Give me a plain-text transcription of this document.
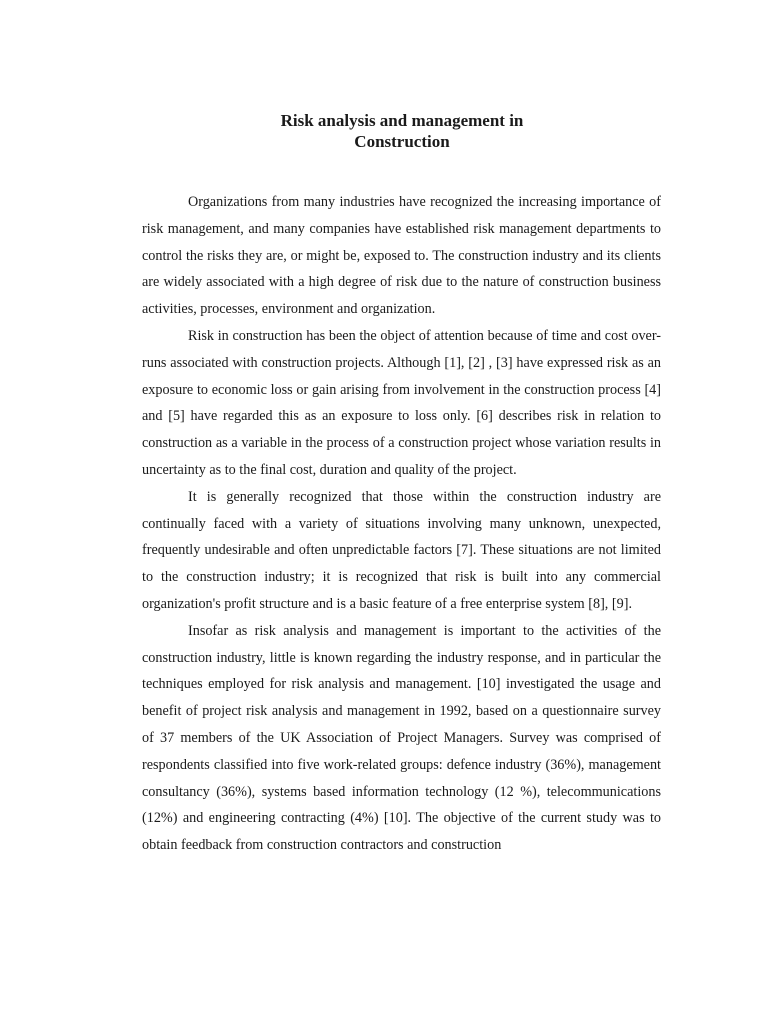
Risk analysis and management in
Construction

Organizations from many industries have recognized the increasing importance of risk management, and many companies have established risk management departments to control the risks they are, or might be, exposed to. The construction industry and its clients are widely associated with a high degree of risk due to the nature of construction business activities, processes, environment and organization.

Risk in construction has been the object of attention because of time and cost over-runs associated with construction projects. Although [1], [2] , [3] have expressed risk as an exposure to economic loss or gain arising from involvement in the construction process [4] and [5] have regarded this as an exposure to loss only. [6] describes risk in relation to construction as a variable in the process of a construction project whose variation results in uncertainty as to the final cost, duration and quality of the project.

It is generally recognized that those within the construction industry are continually faced with a variety of situations involving many unknown, unexpected, frequently undesirable and often unpredictable factors [7]. These situations are not limited to the construction industry; it is recognized that risk is built into any commercial organization's profit structure and is a basic feature of a free enterprise system [8], [9].

Insofar as risk analysis and management is important to the activities of the construction industry, little is known regarding the industry response, and in particular the techniques employed for risk analysis and management. [10] investigated the usage and benefit of project risk analysis and management in 1992, based on a questionnaire survey of 37 members of the UK Association of Project Managers. Survey was comprised of respondents classified into five work-related groups: defence industry (36%), management consultancy (36%), systems based information technology (12 %), telecommunications (12%) and engineering contracting (4%) [10]. The objective of the current study was to obtain feedback from construction contractors and construction
